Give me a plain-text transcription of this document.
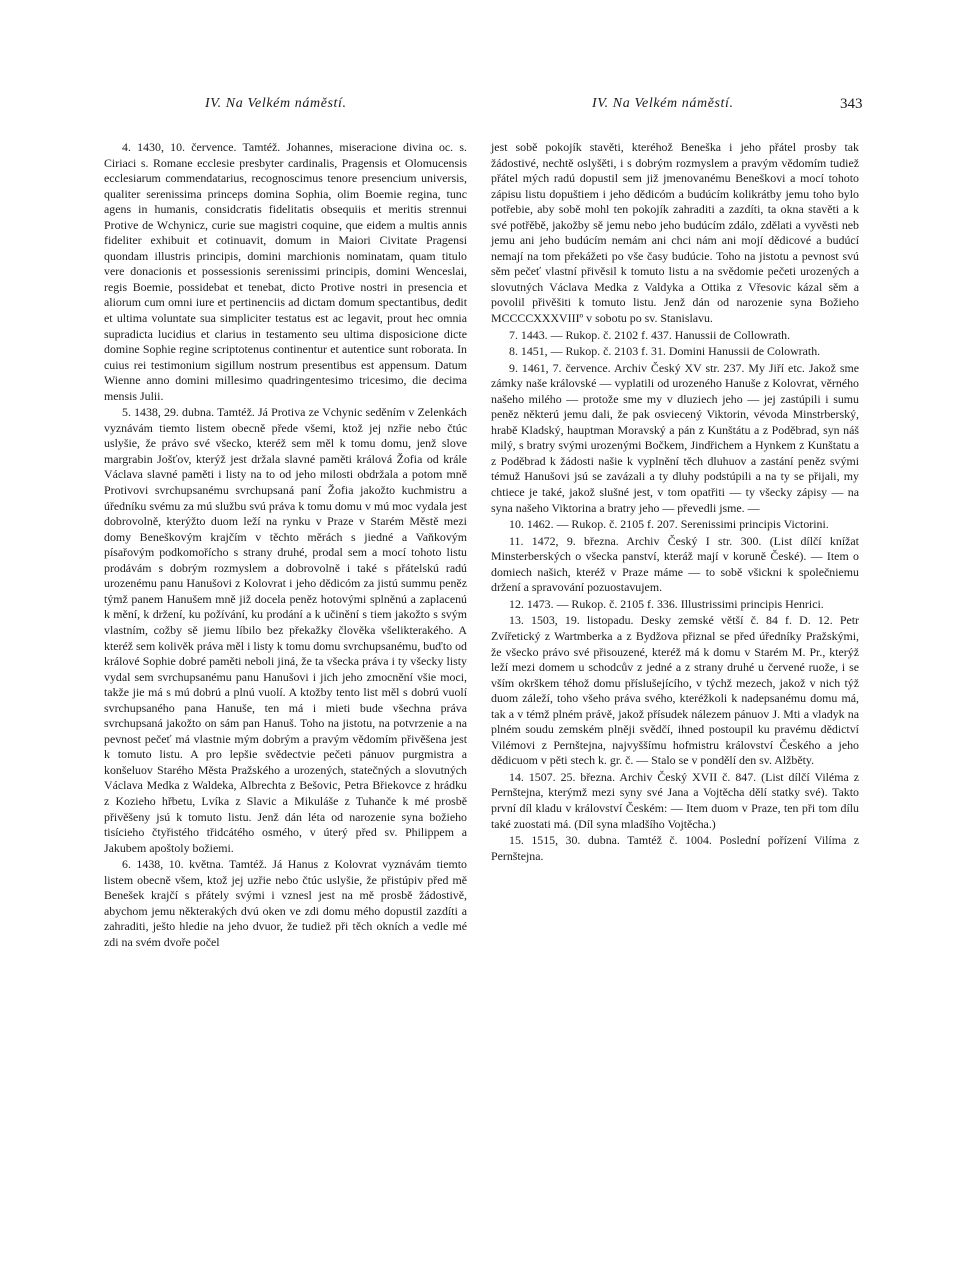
IV. Na Velkém náměstí.	IV. Na Velkém náměstí.	343

4. 1430, 10. července. Tamtéž. Johannes, miseracione divina oc. s. Ciriaci s. Romane ecclesie presbyter cardinalis, Pragensis et Olomucensis ecclesiarum commendatarius, recognoscimus tenore presencium universis, qualiter serenissima princeps domina Sophia, olim Boemie regina, tunc agens in humanis, considcratis fidelitatis obsequiis et meritis strennui Protive de Wchynicz, curie sue magistri coquine, que eidem a multis annis fideliter exhibuit et cotinuavit, domum in Maiori Civitate Pragensi quondam illustris principis, domini marchionis nominatam, quam titulo vere donacionis et possessionis serenissimi principis, domini Wenceslai, regis Boemie, possidebat et tenebat, dicto Protive nostri in presencia et aliorum cum omni iure et pertinenciis ad dictam domum spectantibus, dedit et ultima voluntate sua simpliciter testatus est ac legavit, prout hec omnia supradicta lucidius et clarius in testamento seu ultima disposicione dicte domine Sophie regine scriptotenus continentur et autentice sunt roborata. In cuius rei testimonium sigillum nostrum presentibus est appensum. Datum Wienne anno domini millesimo quadringentesimo tricesimo, die decima mensis Julii.

5. 1438, 29. dubna. Tamtéž. Já Protiva ze Vchynic seděním v Zelenkách vyznávám tiemto listem obecně přede všemi, ktož jej nzřie nebo čtúc uslyšie, že právo své všecko, kteréž sem měl k tomu domu, jenž slove margrabin Jošťov, kterýž jest držala slavné paměti králová Žofia od krále Václava slavné paměti i listy na to od jeho milosti obdržala a potom mně Protivovi svrchupsanému svrchupsaná paní Žofia jakožto kuchmistru a úředníku svému za mú službu svú práva k tomu domu v mú moc vydala jest dobrovolně, kterýžto duom leží na rynku v Praze v Starém Městě mezi domy Beneškovým krajčím v těchto měrách s jiedné a Vaňkovým písařovým podkomořícho s strany druhé, prodal sem a mocí tohoto listu prodávám s dobrým rozmyslem a dobrovolně i také s přátelskú radú urozenému panu Hanušovi z Kolovrat i jeho dědicóm za jistú summu peněz týmž panem Hanušem mně již docela peněz hotovými splněnú a zaplacenú k mění, k držení, ku požívání, ku prodání a k učinění s tiem jakožto s svým vlastním, cožby sě jiemu líbilo bez překažky člověka všelikterakého. A kteréž sem kolivěk práva měl i listy k tomu domu svrchupsanému, buďto od králové Sophie dobré paměti neboli jiná, že ta všecka práva i ty všecky listy vydal sem svrchupsanému panu Hanušovi i jich jeho zmocnění všie moci, takže jie má s mú dobrú a plnú vuolí. A ktožby tento list měl s dobrú vuolí svrchupsaného pana Hanuše, ten má i mieti bude všechna práva svrchupsaná jakožto on sám pan Hanuš. Toho na jistotu, na potvrzenie a na pevnost pečeť má vlastnie mým dobrým a pravým vědomím přivěšena jest k tomuto listu. A pro lepšie svědectvie pečeti pánuov purgmistra a konšeluov Starého Města Pražského a urozených, statečných a slovutných Václava Medka z Waldeka, Albrechta z Bešovic, Petra Břiekovce z hrádku z Kozieho hřbetu, Lvíka z Slavic a Mikuláše z Tuhanče k mé prosbě přivěšeny jsú k tomuto listu. Jenž dán léta od narozenie syna božieho tisícieho čtyřistého třidcátého osmého, v úterý před sv. Philippem a Jakubem apoštoly božiemi.

6. 1438, 10. května. Tamtéž. Já Hanus z Kolovrat vyznávám tiemto listem obecně všem, ktož jej uzřie nebo čtúc uslyšie, že přistúpiv před mě Benešek krajčí s přátely svými i vznesl jest na mě prosbě žádostivě, abychom jemu některakých dvú oken ve zdi domu mého dopustil zazdíti a zahraditi, ješto hledie na jeho dvuor, že tudiež při těch okních a vedle mé zdi na svém dvoře počel

jest sobě pokojík stavěti, kteréhož Beneška i jeho přátel prosby tak žádostivé, nechtě oslyšěti, i s dobrým rozmyslem a pravým vědomím tudiež přátel mých radú dopustil sem již jmenovanému Beneškovi a mocí tohoto zápisu listu dopuštiem i jeho dědicóm a budúcím kolikrátby jemu toho bylo potřebie, aby sobě mohl ten pokojík zahraditi a zazdíti, ta okna stavěti a k své potřěbě, jakožby sě jemu nebo jeho budúcím zdálo, zdělati a vyvěsti neb jemu ani jeho budúcím nemám ani chci nám ani mojí dědicové a budúcí nemají na tom překážeti po vše časy budúcie. Toho na jistotu a pevnost svú sěm pečeť vlastní přivěsil k tomuto listu a na svědomie pečeti urozených a slovutných Václava Medka z Valdyka a Ottika z Vřesovic kázal sěm a povolil přivěšiti k tomuto listu. Jenž dán od narozenie syna Božieho MCCCCXXXVIIIº v sobotu po sv. Stanislavu.

7. 1443. — Rukop. č. 2102 f. 437. Hanussii de Collowrath.

8. 1451, — Rukop. č. 2103 f. 31. Domini Hanussii de Colowrath.

9. 1461, 7. července. Archiv Český XV str. 237. My Jiří etc. Jakož sme zámky naše královské — vyplatili od urozeného Hanuše z Kolovrat, věrného našeho milého — protože sme my v dluziech jeho — jej zastúpili i sumu peněz některú jemu dali, že pak osviecený Viktorin, vévoda Minstrberský, hrabě Kladský, hauptman Moravský a pán z Kunštátu a z Poděbrad, syn náš milý, s bratry svými urozenými Bočkem, Jindřichem a Hynkem z Kunštatu a z Poděbrad k žádosti našie k vyplnění těch dluhuov a zastání peněz svými témuž Hanušovi jsú se zavázali a ty dluhy podstúpili a na ty se přijali, my chtiece je také, jakož slušné jest, v tom opatřiti — ty všecky zápisy — na syna našeho Viktorina a bratry jeho — převedli jsme. —

10. 1462. — Rukop. č. 2105 f. 207. Serenissimi principis Victorini.

11. 1472, 9. března. Archiv Český I str. 300. (List dílčí knížat Minsterberských o všecka panství, kteráž mají v koruně České). — Item o domiech našich, kteréž v Praze máme — to sobě všickni k společniemu držení a spravování pozuostavujem.

12. 1473. — Rukop. č. 2105 f. 336. Illustrissimi principis Henrici.

13. 1503, 19. listopadu. Desky zemské větší č. 84 f. D. 12. Petr Zvířetický z Wartmberka a z Bydžova přiznal se před úředníky Pražskými, že všecko právo své přisouzené, kteréž má k domu v Starém M. Pr., kterýž leží mezi domem u schodcův z jedné a z strany druhé u červené ruože, i se vším okrškem téhož domu příslušejícího, v týchž mezech, jakož v nich týž duom záleží, toho všeho práva svého, kteréžkoli k nadepsanému domu má, tak a v témž plném právě, jakož přísudek nálezem pánuov J. Mti a vladyk na plném soudu zemském plněji svědčí, ihned postoupil ku pravému dědictví Vilémovi z Pernštejna, najvyššímu hofmistru království Českého a jeho dědicuom v pěti stech k. gr. č. — Stalo se v pondělí den sv. Alžběty.

14. 1507. 25. března. Archiv Český XVII č. 847. (List dílčí Viléma z Pernštejna, kterýmž mezi syny své Jana a Vojtěcha dělí statky své). Takto první díl kladu v království Českém: — Item duom v Praze, ten při tom dílu také zuostati má. (Díl syna mladšího Vojtěcha.)

15. 1515, 30. dubna. Tamtéž č. 1004. Poslední pořízení Vilíma z Pernštejna.
